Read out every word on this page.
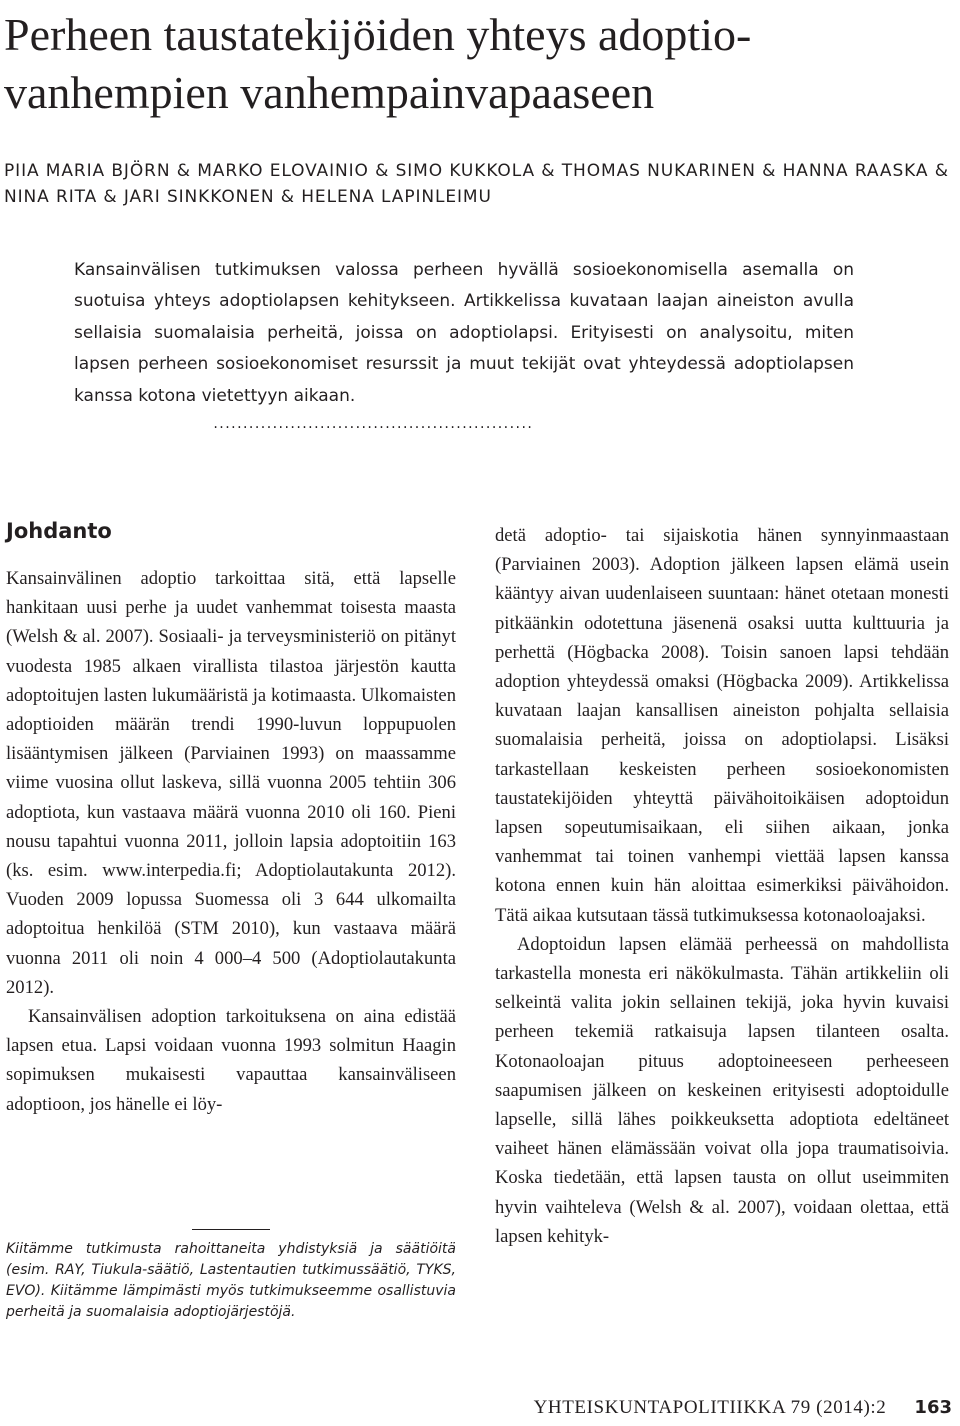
Perheen taustatekijöiden yhteys adoptio-vanhempien vanhempainvapaaseen
PIIA MARIA BJÖRN & MARKO ELOVAINIO & SIMO KUKKOLA & THOMAS NUKARINEN & HANNA RAASKA & NINA RITA & JARI SINKKONEN & HELENA LAPINLEIMU

Kansainvälisen tutkimuksen valossa perheen hyvällä sosioekonomisella asemalla on suotuisa yhteys adoptiolapsen kehitykseen. Artikkelissa kuvataan laajan aineiston avulla sellaisia suomalaisia perheitä, joissa on adoptiolapsi. Erityisesti on analysoitu, miten lapsen perheen sosioekonomiset resurssit ja muut tekijät ovat yhteydessä adoptiolapsen kanssa kotona vietettyyn aikaan.

......................................................
Johdanto

Kansainvälinen adoptio tarkoittaa sitä, että lapselle hankitaan uusi perhe ja uudet vanhemmat toisesta maasta (Welsh & al. 2007). Sosiaali- ja terveysministeriö on pitänyt vuodesta 1985 alkaen virallista tilastoa järjestön kautta adoptoitujen lasten lukumääristä ja kotimaasta. Ulkomaisten adoptioiden määrän trendi 1990-luvun loppupuolen lisääntymisen jälkeen (Parviainen 1993) on maassamme viime vuosina ollut laskeva, sillä vuonna 2005 tehtiin 306 adoptiota, kun vastaava määrä vuonna 2010 oli 160. Pieni nousu tapahtui vuonna 2011, jolloin lapsia adoptoitiin 163 (ks. esim. www.interpedia.fi; Adoptiolautakunta 2012). Vuoden 2009 lopussa Suomessa oli 3 644 ulkomailta adoptoitua henkilöä (STM 2010), kun vastaava määrä vuonna 2011 oli noin 4 000–4 500 (Adoptiolautakunta 2012).

Kansainvälisen adoption tarkoituksena on aina edistää lapsen etua. Lapsi voidaan vuonna 1993 solmitun Haagin sopimuksen mukaisesti vapauttaa kansainväliseen adoptioon, jos hänelle ei löy-

Kiitämme tutkimusta rahoittaneita yhdistyksiä ja säätiöitä (esim. RAY, Tiukula-säätiö, Lastentautien tutkimussäätiö, TYKS, EVO). Kiitämme lämpimästi myös tutkimukseemme osallistuvia perheitä ja suomalaisia adoptiojärjestöjä.

detä adoptio- tai sijaiskotia hänen synnyinmaastaan (Parviainen 2003). Adoption jälkeen lapsen elämä usein kääntyy aivan uudenlaiseen suuntaan: hänet otetaan monesti pitkäänkin odotettuna jäsenenä osaksi uutta kulttuuria ja perhettä (Högbacka 2008). Toisin sanoen lapsi tehdään adoption yhteydessä omaksi (Högbacka 2009). Artikkelissa kuvataan laajan kansallisen aineiston pohjalta sellaisia suomalaisia perheitä, joissa on adoptiolapsi. Lisäksi tarkastellaan keskeisten perheen sosioekonomisten taustatekijöiden yhteyttä päivähoitoikäisen adoptoidun lapsen sopeutumisaikaan, eli siihen aikaan, jonka vanhemmat tai toinen vanhempi viettää lapsen kanssa kotona ennen kuin hän aloittaa esimerkiksi päivähoidon. Tätä aikaa kutsutaan tässä tutkimuksessa kotonaoloajaksi.

Adoptoidun lapsen elämää perheessä on mahdollista tarkastella monesta eri näkökulmasta. Tähän artikkeliin oli selkeintä valita jokin sellainen tekijä, joka hyvin kuvaisi perheen tekemiä ratkaisuja lapsen tilanteen osalta. Kotonaoloajan pituus adoptoineeseen perheeseen saapumisen jälkeen on keskeinen erityisesti adoptoidulle lapselle, sillä lähes poikkeuksetta adoptiota edeltäneet vaiheet hänen elämässään voivat olla jopa traumatisoivia. Koska tiedetään, että lapsen tausta on ollut useimmiten hyvin vaihteleva (Welsh & al. 2007), voidaan olettaa, että lapsen kehityk-

YHTEISKUNTAPOLITIIKKA 79 (2014):2 163
